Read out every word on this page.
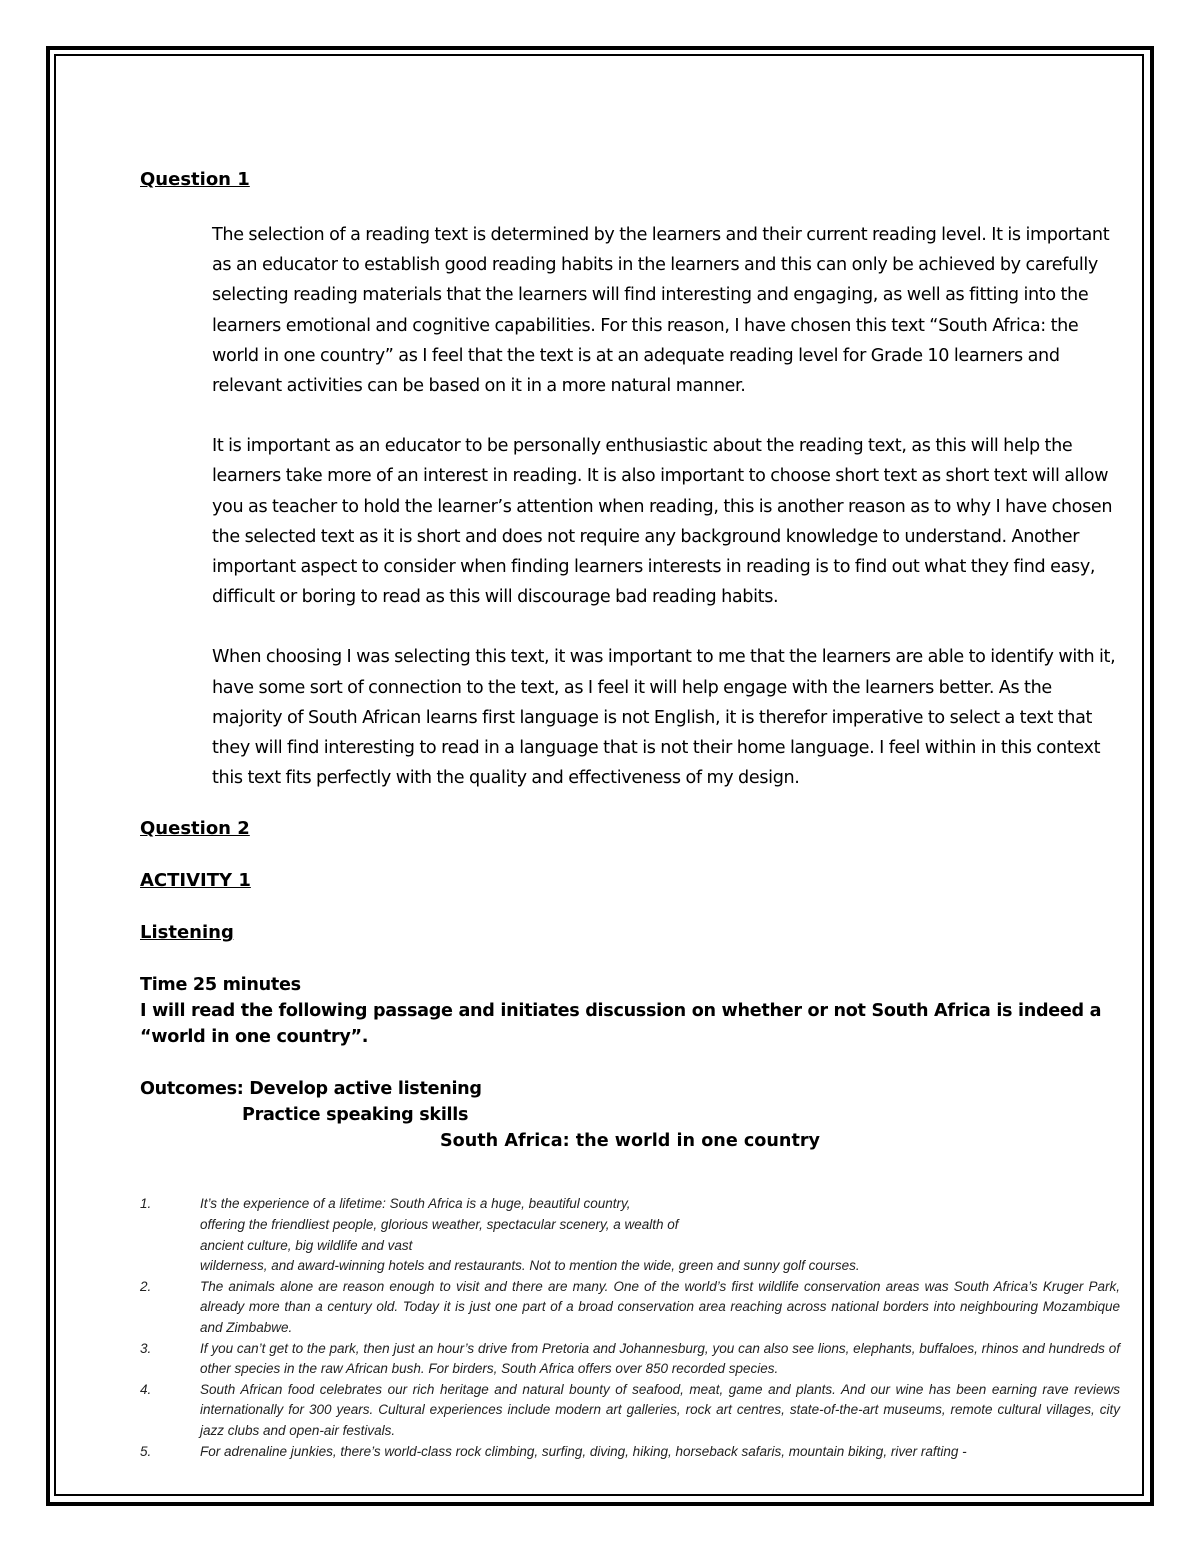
Question 1

The selection of a reading text is determined by the learners and their current reading level. It is important as an educator to establish good reading habits in the learners and this can only be achieved by carefully selecting reading materials that the learners will find interesting and engaging, as well as fitting into the learners emotional and cognitive capabilities. For this reason, I have chosen this text “South Africa: the world in one country” as I feel that the text is at an adequate reading level for Grade 10 learners and relevant activities can be based on it in a more natural manner.

It is important as an educator to be personally enthusiastic about the reading text, as this will help the learners take more of an interest in reading. It is also important to choose short text as short text will allow you as teacher to hold the learner’s attention when reading, this is another reason as to why I have chosen the selected text as it is short and does not require any background knowledge to understand. Another important aspect to consider when finding learners interests in reading is to find out what they find easy, difficult or boring to read as this will discourage bad reading habits.

When choosing I was selecting this text, it was important to me that the learners are able to identify with it, have some sort of connection to the text, as I feel it will help engage with the learners better. As the majority of South African learns first language is not English, it is therefor imperative to select a text that they will find interesting to read in a language that is not their home language. I feel within in this context this text fits perfectly with the quality and effectiveness of my design.

Question 2

ACTIVITY 1

Listening

Time 25 minutes

I will read the following passage and initiates discussion on whether or not South Africa is indeed a “world in one country”.

Outcomes: Develop active listening

Practice speaking skills

South Africa: the world in one country

1.	It’s the experience of a lifetime: South Africa is a huge, beautiful country,
offering the friendliest people, glorious weather, spectacular scenery, a wealth of
ancient culture, big wildlife and vast
wilderness, and award-winning hotels and restaurants. Not to mention the wide, green and sunny golf courses.
2.	The animals alone are reason enough to visit and there are many. One of the world’s first wildlife conservation areas was South Africa’s Kruger Park, already more than a century old. Today it is just one part of a broad conservation area reaching across national borders into neighbouring Mozambique and Zimbabwe.
3.	If you can’t get to the park, then just an hour’s drive from Pretoria and Johannesburg, you can also see lions, elephants, buffaloes, rhinos and hundreds of other species in the raw African bush. For birders, South Africa offers over 850 recorded species.
4.	South African food celebrates our rich heritage and natural bounty of seafood, meat, game and plants. And our wine has been earning rave reviews internationally for 300 years. Cultural experiences include modern art galleries, rock art centres, state-of-the-art museums, remote cultural villages, city jazz clubs and open-air festivals.
5.	For adrenaline junkies, there’s world-class rock climbing, surfing, diving, hiking, horseback safaris, mountain biking, river rafting -
